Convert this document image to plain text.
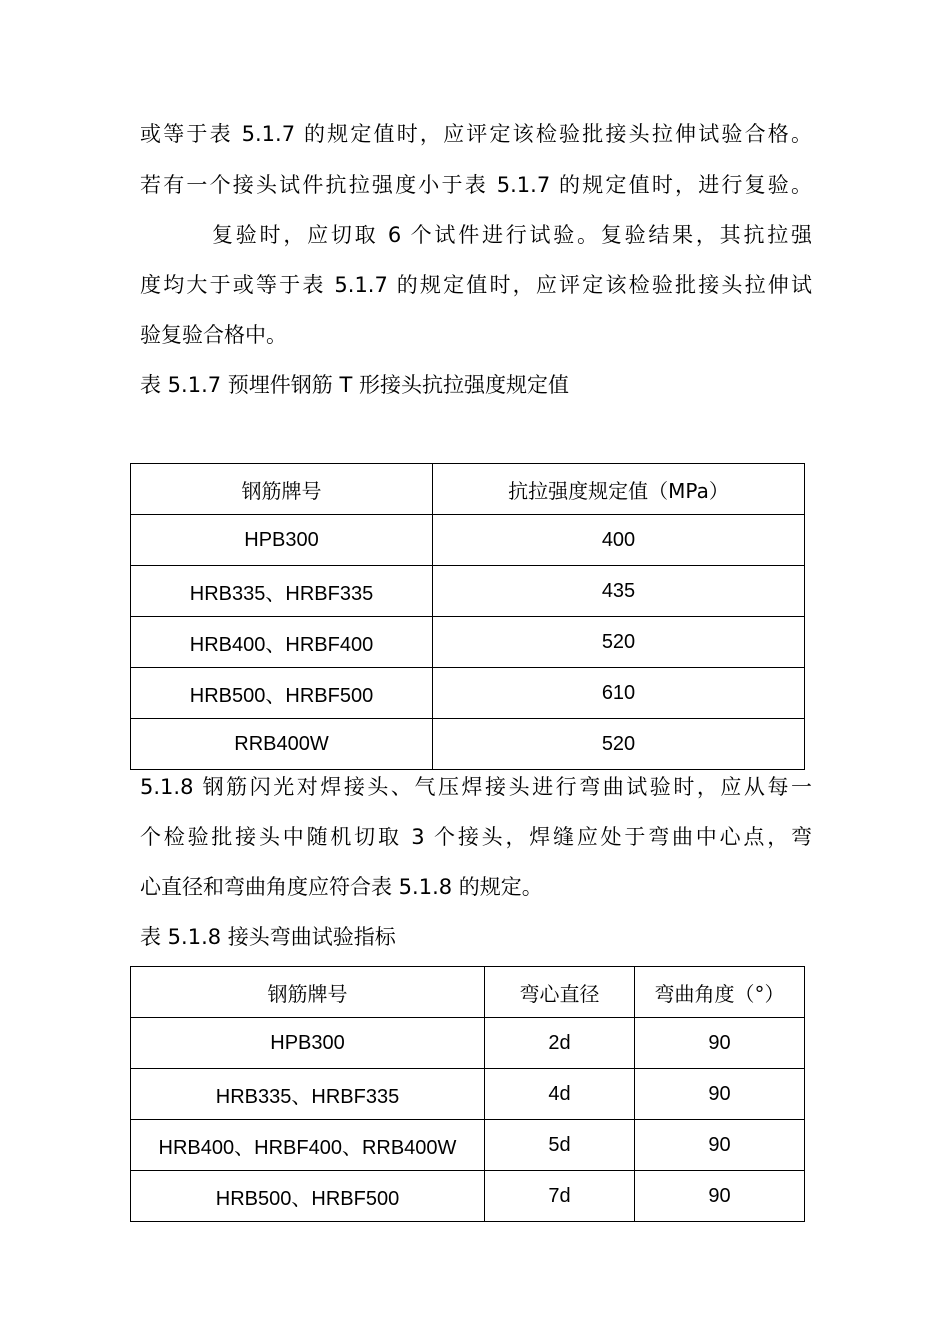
或等于表 5.1.7 的规定值时，应评定该检验批接头拉伸试验合格。
若有一个接头试件抗拉强度小于表 5.1.7 的规定值时，进行复验。
复验时，应切取 6 个试件进行试验。复验结果，其抗拉强
度均大于或等于表 5.1.7 的规定值时，应评定该检验批接头拉伸试
验复验合格中。
表 5.1.7 预埋件钢筋 T 形接头抗拉强度规定值
钢筋牌号	抗拉强度规定值（MPa）
HPB300	400
HRB335、HRBF335	435
HRB400、HRBF400	520
HRB500、HRBF500	610
RRB400W	520
5.1.8 钢筋闪光对焊接头、气压焊接头进行弯曲试验时，应从每一
个检验批接头中随机切取 3 个接头，焊缝应处于弯曲中心点，弯
心直径和弯曲角度应符合表 5.1.8 的规定。
表 5.1.8 接头弯曲试验指标
钢筋牌号	弯心直径	弯曲角度（°）
HPB300	2d	90
HRB335、HRBF335	4d	90
HRB400、HRBF400、RRB400W	5d	90
HRB500、HRBF500	7d	90
